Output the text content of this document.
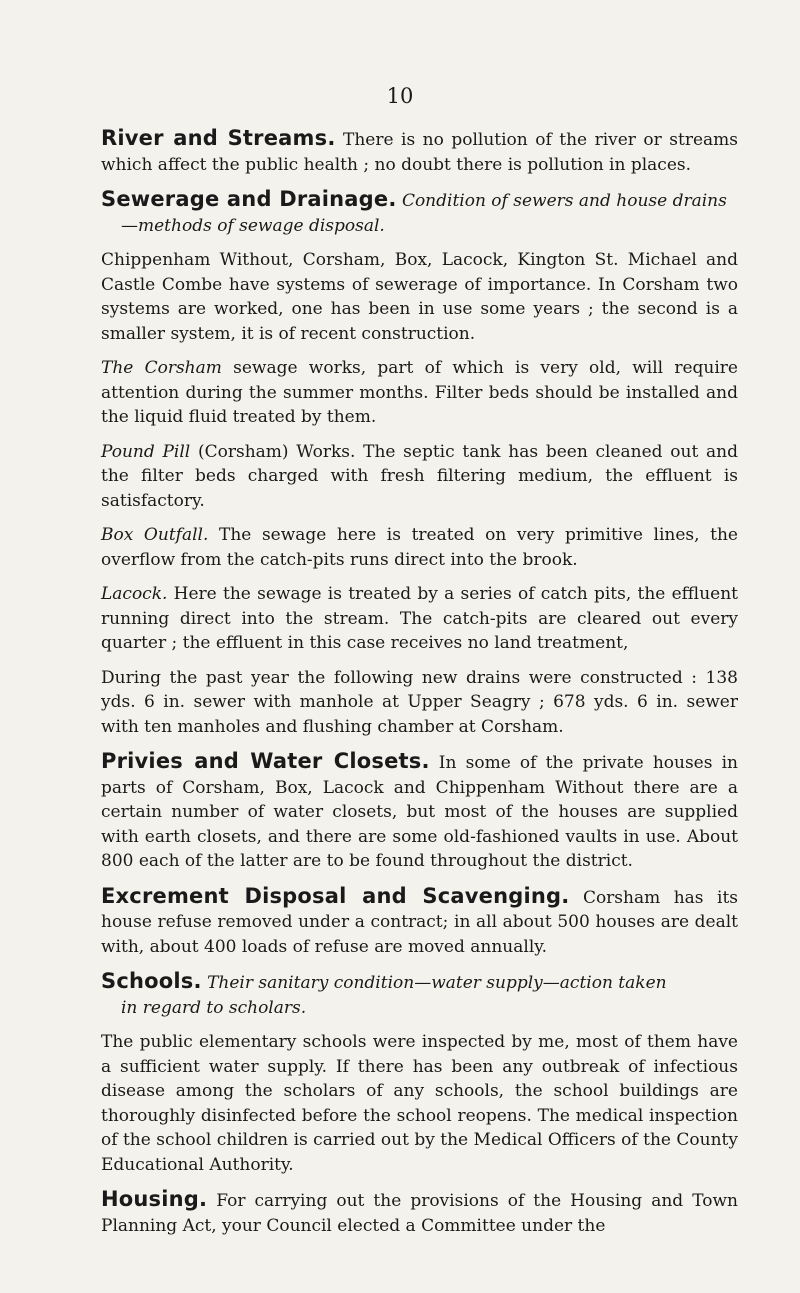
10

River and Streams. There is no pollution of the river or streams which affect the public health ; no doubt there is pollution in places.

Sewerage and Drainage. Condition of sewers and house drains

—methods of sewage disposal.

Chippenham Without, Corsham, Box, Lacock, Kington St. Michael and Castle Combe have systems of sewerage of importance. In Corsham two systems are worked, one has been in use some years ; the second is a smaller system, it is of recent construction.

The Corsham sewage works, part of which is very old, will require attention during the summer months. Filter beds should be installed and the liquid fluid treated by them.

Pound Pill (Corsham) Works. The septic tank has been cleaned out and the filter beds charged with fresh filtering medium, the effluent is satisfactory.

Box Outfall. The sewage here is treated on very primitive lines, the overflow from the catch-pits runs direct into the brook.

Lacock. Here the sewage is treated by a series of catch pits, the effluent running direct into the stream. The catch-pits are cleared out every quarter ; the effluent in this case receives no land treatment,

During the past year the following new drains were constructed : 138 yds. 6 in. sewer with manhole at Upper Seagry ; 678 yds. 6 in. sewer with ten manholes and flushing chamber at Corsham.

Privies and Water Closets. In some of the private houses in parts of Corsham, Box, Lacock and Chippenham Without there are a certain number of water closets, but most of the houses are supplied with earth closets, and there are some old-fashioned vaults in use. About 800 each of the latter are to be found throughout the district.

Excrement Disposal and Scavenging. Corsham has its house refuse removed under a contract; in all about 500 houses are dealt with, about 400 loads of refuse are moved annually.

Schools. Their sanitary condition—water supply—action taken

in regard to scholars.

The public elementary schools were inspected by me, most of them have a sufficient water supply. If there has been any outbreak of infectious disease among the scholars of any schools, the school buildings are thoroughly disinfected before the school reopens. The medical inspection of the school children is carried out by the Medical Officers of the County Educational Authority.

Housing. For carrying out the provisions of the Housing and Town Planning Act, your Council elected a Committee under the
